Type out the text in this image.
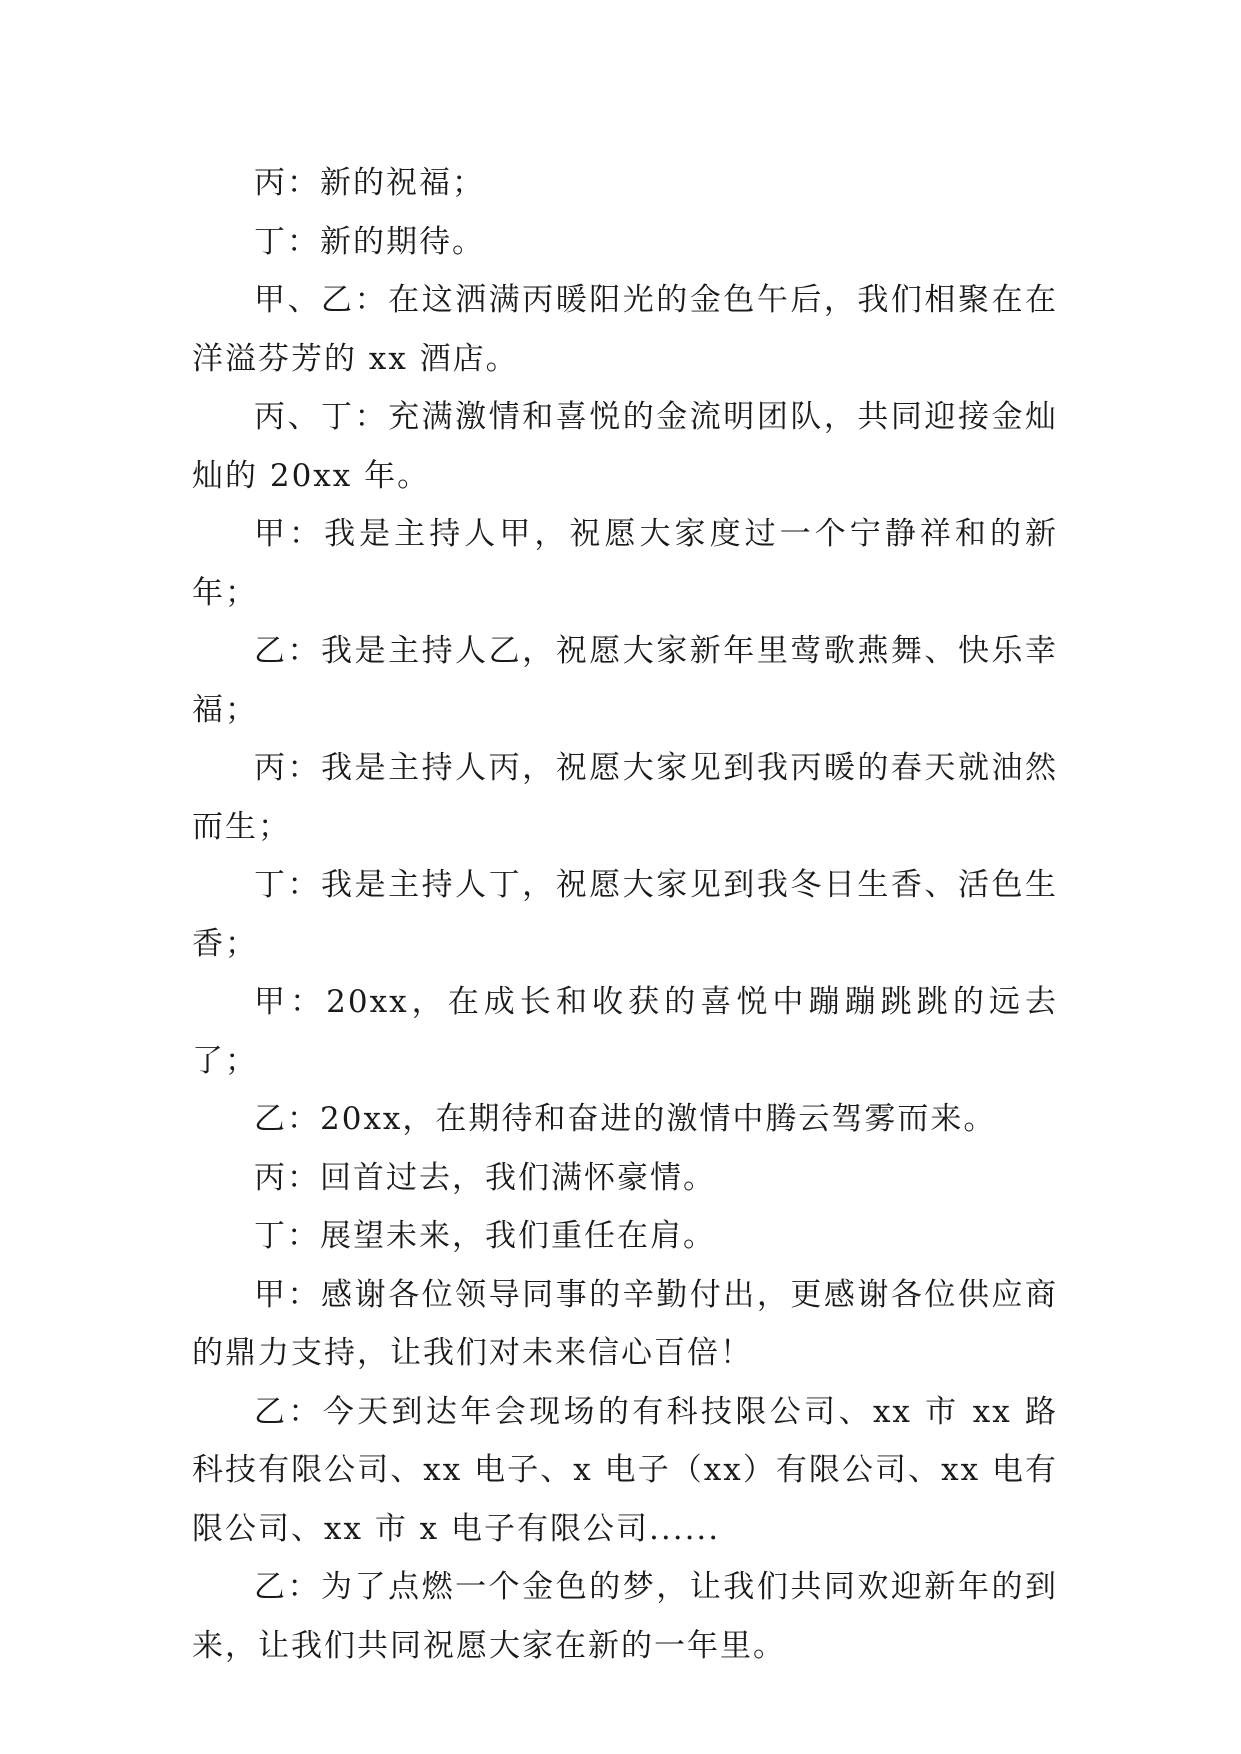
丙：新的祝福；

丁：新的期待。

甲、乙：在这洒满丙暖阳光的金色午后，我们相聚在在洋溢芬芳的 xx 酒店。

丙、丁：充满激情和喜悦的金流明团队，共同迎接金灿灿的 20xx 年。

甲：我是主持人甲，祝愿大家度过一个宁静祥和的新年；

乙：我是主持人乙，祝愿大家新年里莺歌燕舞、快乐幸福；

丙：我是主持人丙，祝愿大家见到我丙暖的春天就油然而生；

丁：我是主持人丁，祝愿大家见到我冬日生香、活色生香；

甲：20xx，在成长和收获的喜悦中蹦蹦跳跳的远去了；

乙：20xx，在期待和奋进的激情中腾云驾雾而来。

丙：回首过去，我们满怀豪情。

丁：展望未来，我们重任在肩。

甲：感谢各位领导同事的辛勤付出，更感谢各位供应商的鼎力支持，让我们对未来信心百倍！

乙：今天到达年会现场的有科技限公司、xx 市 xx 路科技有限公司、xx 电子、x 电子（xx）有限公司、xx 电有限公司、xx 市 x 电子有限公司......

乙：为了点燃一个金色的梦，让我们共同欢迎新年的到来，让我们共同祝愿大家在新的一年里。
